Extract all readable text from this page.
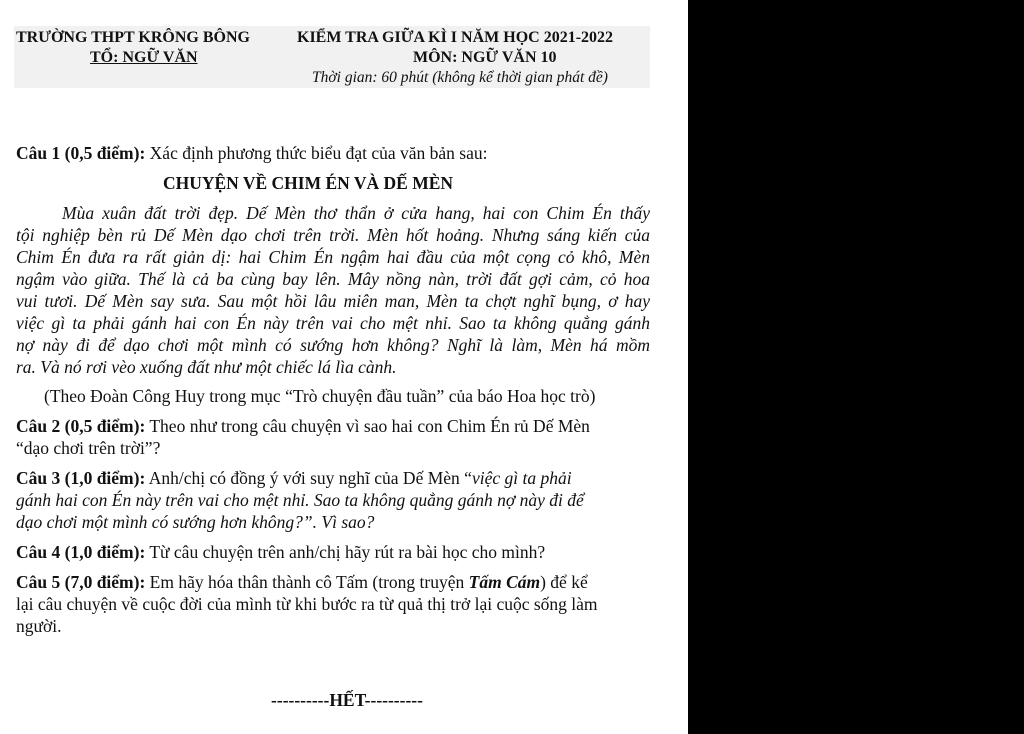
TRƯỜNG THPT KRÔNG BÔNG
TỔ: NGỮ VĂN
KIỂM TRA GIỮA KÌ I NĂM HỌC 2021-2022
MÔN: NGỮ VĂN 10
Thời gian: 60 phút (không kể thời gian phát đề)
Câu 1 (0,5 điểm): Xác định phương thức biểu đạt của văn bản sau:
CHUYỆN VỀ CHIM ÉN VÀ DẾ MÈN
Mùa xuân đất trời đẹp. Dế Mèn thơ thẩn ở cửa hang, hai con Chim Én thấy
tội nghiệp bèn rủ Dế Mèn dạo chơi trên trời. Mèn hốt hoảng. Nhưng sáng kiến của
Chim Én đưa ra rất giản dị: hai Chim Én ngậm hai đầu của một cọng cỏ khô, Mèn
ngậm vào giữa. Thế là cả ba cùng bay lên. Mây nồng nàn, trời đất gợi cảm, cỏ hoa
vui tươi. Dế Mèn say sưa. Sau một hồi lâu miên man, Mèn ta chợt nghĩ bụng, ơ hay
việc gì ta phải gánh hai con Én này trên vai cho mệt nhỉ. Sao ta không quẳng gánh
nợ này đi để dạo chơi một mình có sướng hơn không? Nghĩ là làm, Mèn há mồm
ra. Và nó rơi vèo xuống đất như một chiếc lá lìa cành.
(Theo Đoàn Công Huy trong mục “Trò chuyện đầu tuần” của báo Hoa học trò)
Câu 2 (0,5 điểm): Theo như trong câu chuyện vì sao hai con Chim Én rủ Dế Mèn
“dạo chơi trên trời”?
Câu 3 (1,0 điểm): Anh/chị có đồng ý với suy nghĩ của Dế Mèn “việc gì ta phải
gánh hai con Én này trên vai cho mệt nhỉ. Sao ta không quẳng gánh nợ này đi để
dạo chơi một mình có sướng hơn không?”. Vì sao?
Câu 4 (1,0 điểm): Từ câu chuyện trên anh/chị hãy rút ra bài học cho mình?
Câu 5 (7,0 điểm): Em hãy hóa thân thành cô Tấm (trong truyện Tấm Cám) để kể
lại câu chuyện về cuộc đời của mình từ khi bước ra từ quả thị trở lại cuộc sống làm
người.
----------HẾT----------
